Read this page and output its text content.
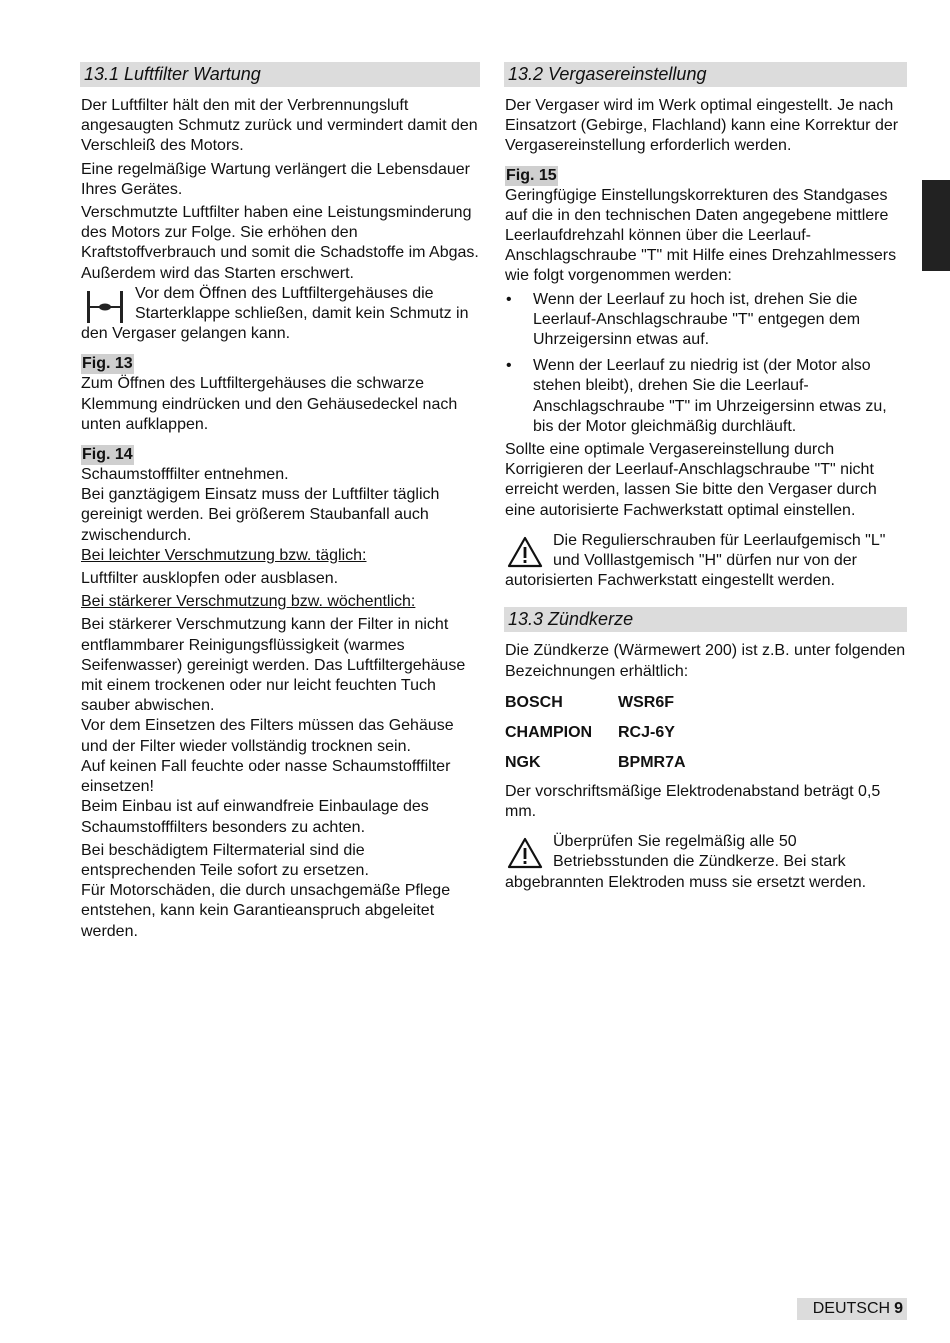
13.1 Luftfilter Wartung

Der Luftfilter hält den mit der Verbrennungsluft angesaugten Schmutz zurück und vermindert damit den Verschleiß des Motors.

Eine regelmäßige Wartung verlängert die Lebensdauer Ihres Gerätes.

Verschmutzte Luftfilter haben eine Leistungsminderung des Motors zur Folge. Sie erhöhen den Kraftstoffverbrauch und somit die Schadstoffe im Abgas. Außerdem wird das Starten erschwert.

Vor dem Öffnen des Luftfiltergehäuses die Starterklappe schließen, damit kein Schmutz in den Vergaser gelangen kann.
Fig. 13

Zum Öffnen des Luftfiltergehäuses die schwarze Klemmung eindrücken und den Gehäusedeckel nach unten aufklappen.

Fig. 14

Schaumstofffilter entnehmen.

Bei ganztägigem Einsatz muss der Luftfilter täglich gereinigt werden. Bei größerem Staubanfall auch zwischendurch.

Bei leichter Verschmutzung bzw. täglich:

Luftfilter ausklopfen oder ausblasen.

Bei stärkerer Verschmutzung bzw. wöchentlich:

Bei stärkerer Verschmutzung kann der Filter in nicht entflammbarer Reinigungsflüssigkeit (warmes Seifenwasser) gereinigt werden. Das Luftfiltergehäuse mit einem trockenen oder nur leicht feuchten Tuch sauber abwischen.

Vor dem Einsetzen des Filters müssen das Gehäuse und der Filter wieder vollständig trocknen sein.

Auf keinen Fall feuchte oder nasse Schaumstofffilter einsetzen!

Beim Einbau ist auf einwandfreie Einbaulage des Schaumstofffilters besonders zu achten.

Bei beschädigtem Filtermaterial sind die entsprechenden Teile sofort zu ersetzen.

Für Motorschäden, die durch unsachgemäße Pflege entstehen, kann kein Garantieanspruch abgeleitet werden.

13.2 Vergasereinstellung

Der Vergaser wird im Werk optimal eingestellt. Je nach Einsatzort (Gebirge, Flachland) kann eine Korrektur der Vergasereinstellung erforderlich werden.

Fig. 15

Geringfügige Einstellungskorrekturen des Standgases auf die in den technischen Daten angegebene mittlere Leerlaufdrehzahl können über die Leerlauf-Anschlagschraube "T" mit Hilfe eines Drehzahlmessers wie folgt vorgenommen werden:

• Wenn der Leerlauf zu hoch ist, drehen Sie die Leerlauf-Anschlagschraube "T" entgegen dem Uhrzeigersinn etwas auf.
• Wenn der Leerlauf zu niedrig ist (der Motor also stehen bleibt), drehen Sie die Leerlauf-Anschlagschraube "T" im Uhrzeigersinn etwas zu, bis der Motor gleichmäßig durchläuft.

Sollte eine optimale Vergasereinstellung durch Korrigieren der Leerlauf-Anschlagschraube "T" nicht erreicht werden, lassen Sie bitte den Vergaser durch eine autorisierte Fachwerkstatt optimal einstellen.

Die Regulierschrauben für Leerlaufgemisch "L" und Volllastgemisch "H" dürfen nur von der autorisierten Fachwerkstatt eingestellt werden.
13.3 Zündkerze

Die Zündkerze (Wärmewert 200) ist z.B. unter folgenden Bezeichnungen erhältlich:

BOSCH	WSR6F
CHAMPION	RCJ-6Y
NGK	BPMR7A

Der vorschriftsmäßige Elektrodenabstand beträgt 0,5 mm.

Überprüfen Sie regelmäßig alle 50 Betriebsstunden die Zündkerze. Bei stark abgebrannten Elektroden muss sie ersetzt werden.
DEUTSCH 9
